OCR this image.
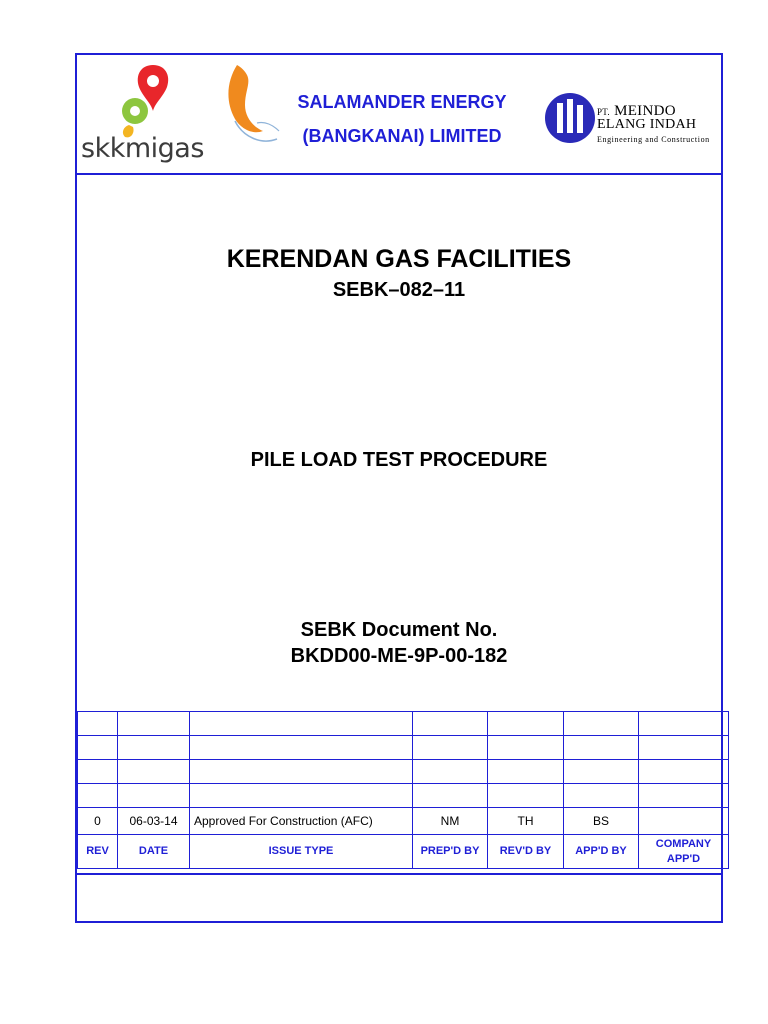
skkmigas
SALAMANDER ENERGY
(BANGKANAI) LIMITED
PT. MEINDO
ELANG INDAH
Engineering and Construction
KERENDAN GAS FACILITIES
SEBK–082–11
PILE LOAD TEST PROCEDURE
SEBK Document No.
BKDD00-ME-9P-00-182

0	06-03-14	Approved For Construction (AFC)	NM	TH	BS	
REV	DATE	ISSUE TYPE	PREP'D BY	REV'D BY	APP'D BY	COMPANY APP'D
